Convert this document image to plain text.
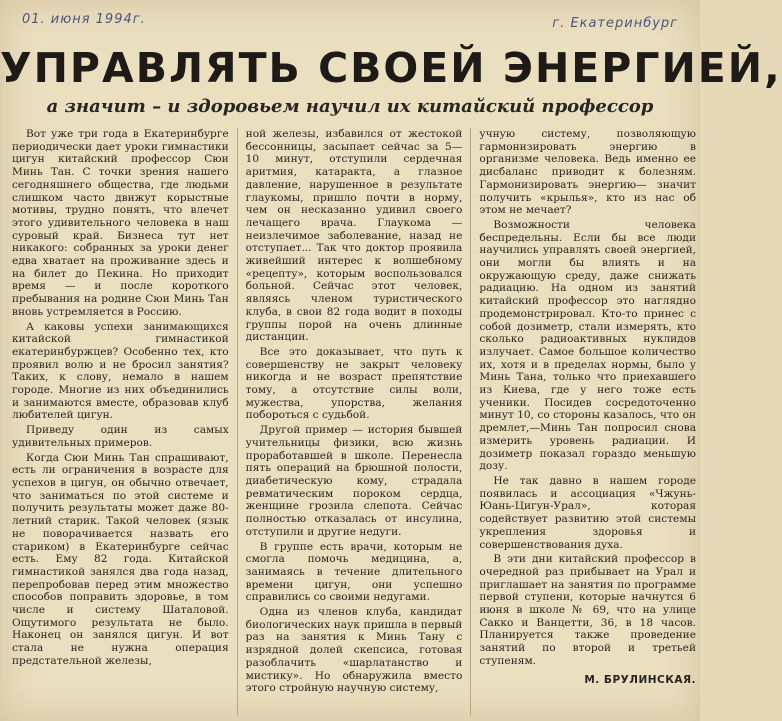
01. июня 1994г.	г. Екатеринбург
УПРАВЛЯТЬ СВОЕЙ ЭНЕРГИЕЙ,
а значит – и здоровьем научил их китайский профессор

Вот уже три года в Екатеринбурге периодически дает уроки гимнастики цигун китайский профессор Сюи Минь Тан. С точки зрения нашего сегодняшнего общества, где людьми слишком часто движут корыстные мотивы, трудно понять, что влечет этого удивительного человека в наш суровый край. Бизнеса тут нет никакого: собранных за уроки денег едва хватает на проживание здесь и на билет до Пекина. Но приходит время — и после короткого пребывания на родине Сюи Минь Тан вновь устремляется в Россию.

А каковы успехи занимающихся китайской гимнастикой екатеринбуржцев? Особенно тех, кто проявил волю и не бросил занятия? Таких, к слову, немало в нашем городе. Многие из них объединились и занимаются вместе, образовав клуб любителей цигун.

Приведу один из самых удивительных примеров.

Когда Сюи Минь Тан спрашивают, есть ли ограничения в возрасте для успехов в цигун, он обычно отвечает, что заниматься по этой системе и получить результаты может даже 80-летний старик. Такой человек (язык не поворачивается назвать его стариком) в Екатеринбурге сейчас есть. Ему 82 года. Китайской гимнастикой занялся два года назад, перепробовав перед этим множество способов поправить здоровье, в том числе и систему Шаталовой. Ощутимого результата не было. Наконец он занялся цигун. И вот стала не нужна операция предстательной железы,

ной железы, избавился от жестокой бессонницы, засыпает сейчас за 5—10 минут, отступили сердечная аритмия, катаракта, а глазное давление, нарушенное в результате глаукомы, пришло почти в норму, чем он несказанно удивил своего лечащего врача. Глаукома — неизлечимое заболевание, назад не отступает... Так что доктор проявила живейший интерес к волшебному «рецепту», которым воспользовался больной. Сейчас этот человек, являясь членом туристического клуба, в свои 82 года водит в походы группы порой на очень длинные дистанции.

Все это доказывает, что путь к совершенству не закрыт человеку никогда и не возраст препятствие тому, а отсутствие силы воли, мужества, упорства, желания побороться с судьбой.

Другой пример — история бывшей учительницы физики, всю жизнь проработавшей в школе. Перенесла пять операций на брюшной полости, диабетическую кому, страдала ревматическим пороком сердца, женщине грозила слепота. Сейчас полностью отказалась от инсулина, отступили и другие недуги.

В группе есть врачи, которым не смогла помочь медицина, а, занимаясь в течение длительного времени цигун, они успешно справились со своими недугами.

Одна из членов клуба, кандидат биологических наук пришла в первый раз на занятия к Минь Тану с изрядной долей скепсиса, готовая разоблачить «шарлатанство и мистику». Но обнаружила вместо этого стройную научную систему,

учную систему, позволяющую гармонизировать энергию в организме человека. Ведь именно ее дисбаланс приводит к болезням. Гармонизировать энергию— значит получить «крылья», кто из нас об этом не мечает?

Возможности человека беспредельны. Если бы все люди научились управлять своей энергией, они могли бы влиять и на окружающую среду, даже снижать радиацию. На одном из занятий китайский профессор это наглядно продемонстрировал. Кто-то принес с собой дозиметр, стали измерять, кто сколько радиоактивных нуклидов излучает. Самое большое количество их, хотя и в пределах нормы, было у Минь Тана, только что приехавшего из Киева, где у него тоже есть ученики. Посидев сосредоточенно минут 10, со стороны казалось, что он дремлет,—Минь Тан попросил снова измерить уровень радиации. И дозиметр показал гораздо меньшую дозу.

Не так давно в нашем городе появилась и ассоциация «Чжунь-Юань-Цигун-Урал», которая содействует развитию этой системы укрепления здоровья и совершенствования духа.

В эти дни китайский профессор в очередной раз прибывает на Урал и приглашает на занятия по программе первой ступени, которые начнутся 6 июня в школе № 69, что на улице Сакко и Ванцетти, 36, в 18 часов. Планируется также проведение занятий по второй и третьей ступеням.

М. БРУЛИНСКАЯ.
